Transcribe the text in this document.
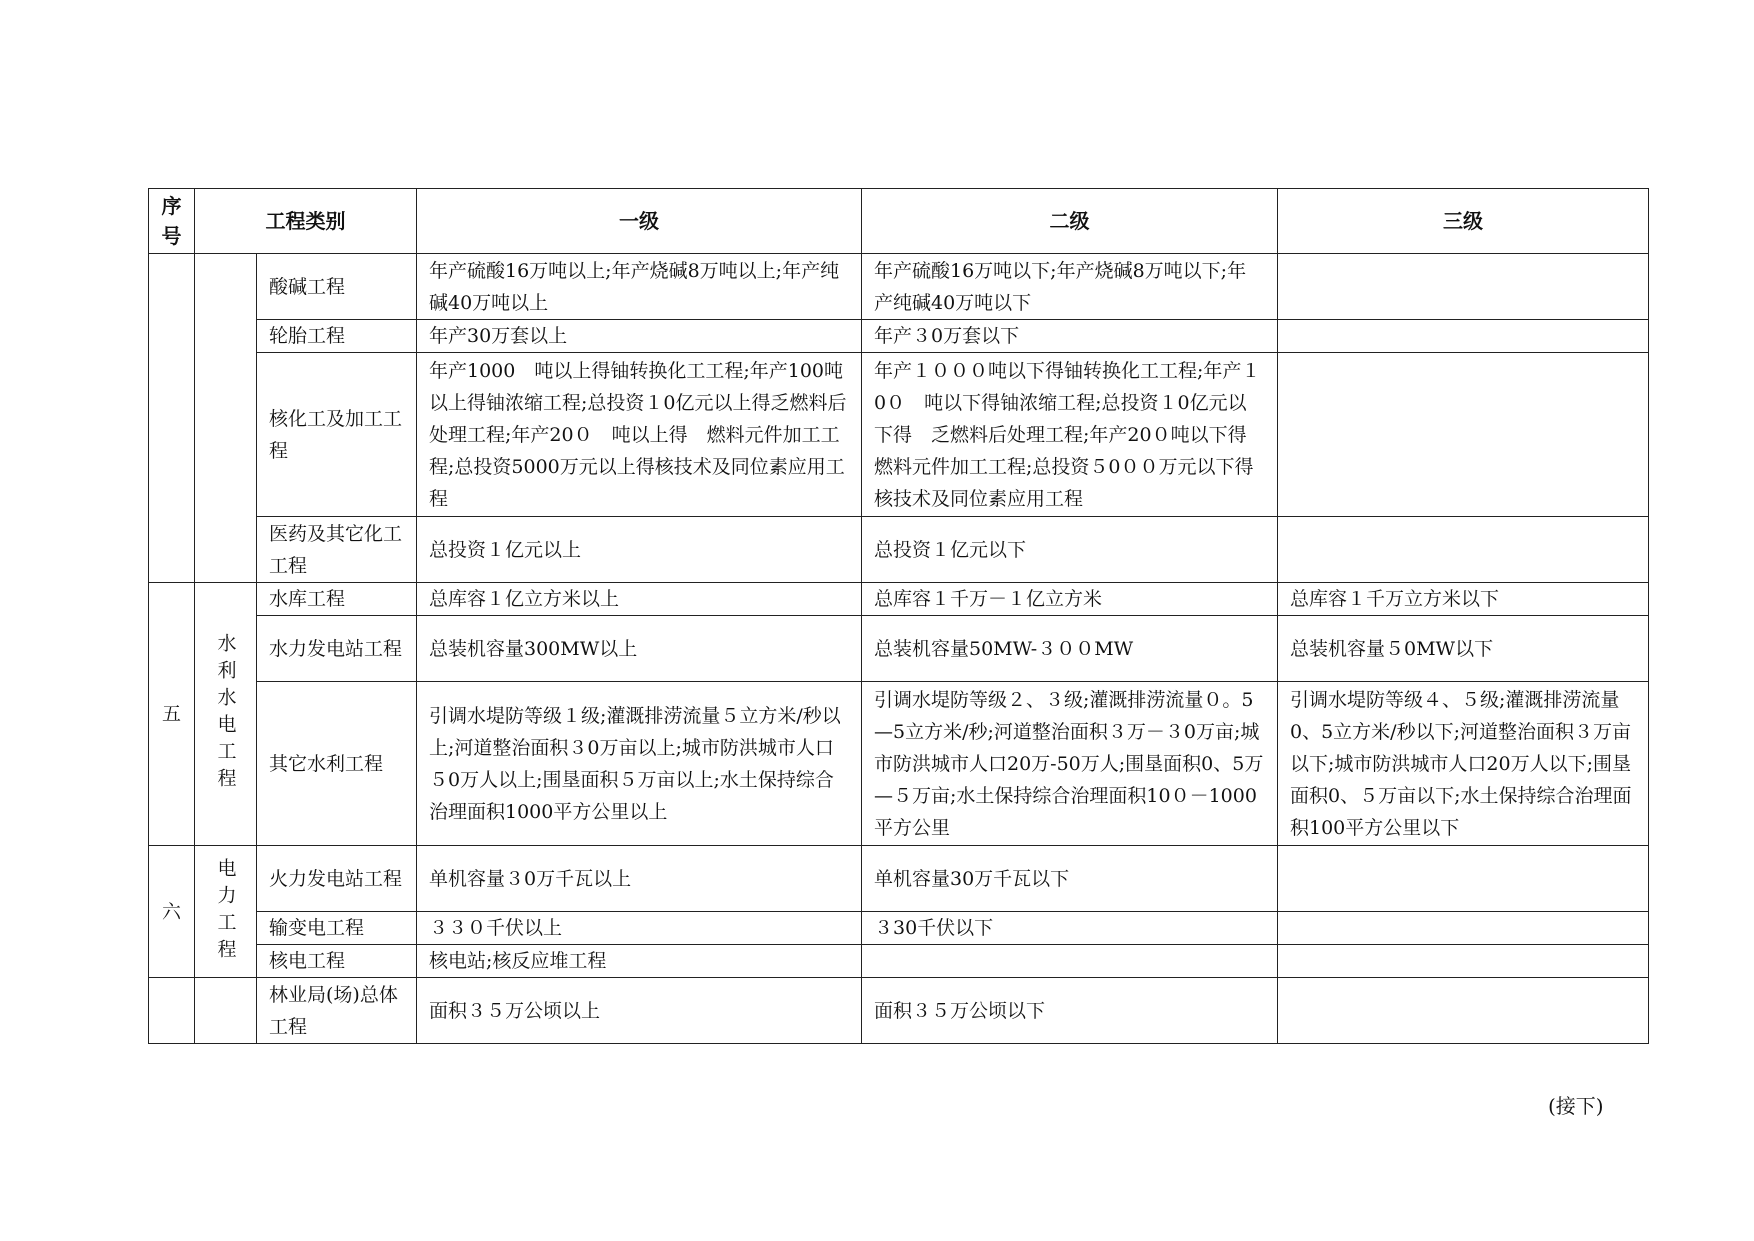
序号	工程类别		一级	二级	三级
		酸碱工程	年产硫酸16万吨以上;年产烧碱8万吨以上;年产纯碱40万吨以上	年产硫酸16万吨以下;年产烧碱8万吨以下;年产纯碱40万吨以下	
		轮胎工程	年产30万套以上	年产３0万套以下	
		核化工及加工工程	年产1000　吨以上得铀转换化工工程;年产100吨以上得铀浓缩工程;总投资１0亿元以上得乏燃料后处理工程;年产20０　吨以上得　燃料元件加工工程;总投资5000万元以上得核技术及同位素应用工程	年产１０００吨以下得铀转换化工工程;年产１0０　吨以下得铀浓缩工程;总投资１0亿元以下得　乏燃料后处理工程;年产20０吨以下得　燃料元件加工工程;总投资５0００万元以下得核技术及同位素应用工程	
		医药及其它化工工程	总投资１亿元以上	总投资１亿元以下	
五	水利水电工程	水库工程	总库容１亿立方米以上	总库容１千万－１亿立方米	总库容１千万立方米以下
		水力发电站工程	总装机容量300MW以上	总装机容量50MW-３００MW	总装机容量５0MW以下
		其它水利工程	引调水堤防等级１级;灌溉排涝流量５立方米/秒以上;河道整治面积３0万亩以上;城市防洪城市人口５0万人以上;围垦面积５万亩以上;水土保持综合治理面积1000平方公里以上	引调水堤防等级２、３级;灌溉排涝流量０。5—5立方米/秒;河道整治面积３万－３0万亩;城市防洪城市人口20万-50万人;围垦面积0、5万—５万亩;水土保持综合治理面积10０－1000平方公里	引调水堤防等级４、５级;灌溉排涝流量0、5立方米/秒以下;河道整治面积３万亩以下;城市防洪城市人口20万人以下;围垦面积0、５万亩以下;水土保持综合治理面积100平方公里以下
六	电力工程	火力发电站工程	单机容量３0万千瓦以上	单机容量30万千瓦以下	
		输变电工程	３３０千伏以上	３30千伏以下	
		核电工程	核电站;核反应堆工程		
		林业局(场)总体工程	面积３５万公顷以上	面积３５万公顷以下	
(接下)
